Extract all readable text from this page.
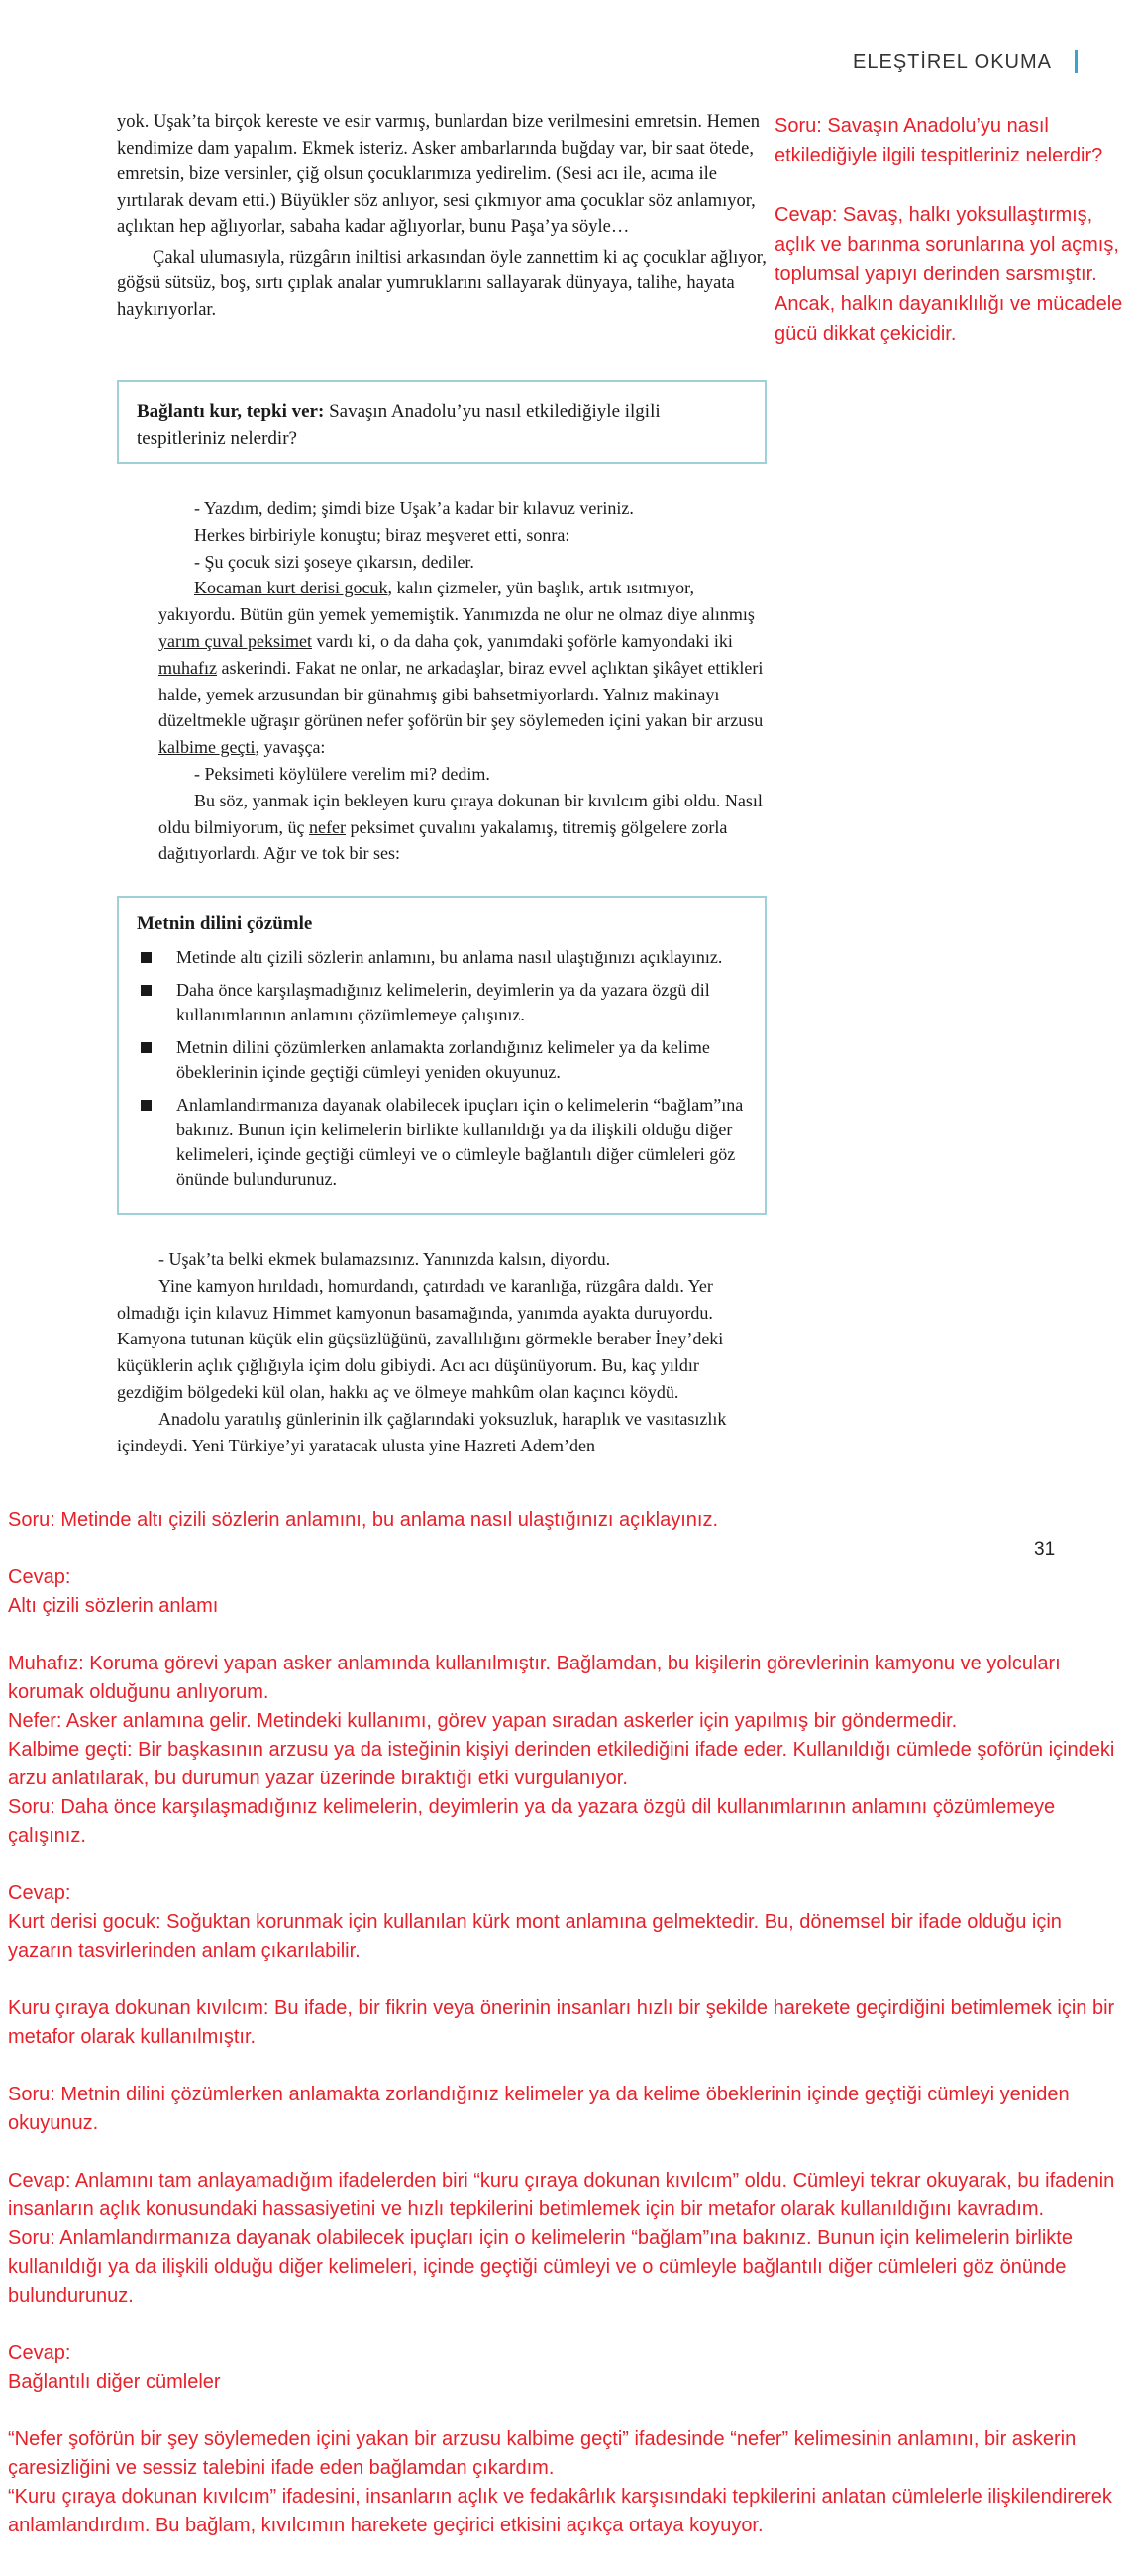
ELEŞTİREL OKUMA

yok. Uşak’ta birçok kereste ve esir varmış, bunlardan bize verilmesini emretsin. Hemen kendimize dam yapalım. Ekmek isteriz. Asker ambarlarında buğday var, bir saat ötede, emretsin, bize versinler, çiğ olsun çocuklarımıza yedirelim. (Sesi acı ile, acıma ile yırtılarak devam etti.) Büyükler söz anlıyor, sesi çıkmıyor ama çocuklar söz anlamıyor, açlıktan hep ağlıyorlar, sabaha kadar ağlıyorlar, bunu Paşa’ya söyle…

Çakal ulumasıyla, rüzgârın iniltisi arkasından öyle zannettim ki aç çocuklar ağlıyor, göğsü sütsüz, boş, sırtı çıplak analar yumruklarını sallayarak dünyaya, talihe, hayata haykırıyorlar.

Soru: Savaşın Anadolu’yu nasıl etkilediğiyle ilgili tespitleriniz nelerdir?

Cevap: Savaş, halkı yoksullaştırmış, açlık ve barınma sorunlarına yol açmış, toplumsal yapıyı derinden sarsmıştır. Ancak, halkın dayanıklılığı ve mücadele gücü dikkat çekicidir.

Bağlantı kur, tepki ver: Savaşın Anadolu’yu nasıl etkilediğiyle ilgili tespitleriniz nelerdir?

- Yazdım, dedim; şimdi bize Uşak’a kadar bir kılavuz veriniz.

Herkes birbiriyle konuştu; biraz meşveret etti, sonra:

- Şu çocuk sizi şoseye çıkarsın, dediler.

Kocaman kurt derisi gocuk, kalın çizmeler, yün başlık, artık ısıtmıyor, yakıyordu. Bütün gün yemek yememiştik. Yanımızda ne olur ne olmaz diye alınmış yarım çuval peksimet vardı ki, o da daha çok, yanımdaki şoförle kamyondaki iki muhafız askerindi. Fakat ne onlar, ne arkadaşlar, biraz evvel açlıktan şikâyet ettikleri halde, yemek arzusundan bir günahmış gibi bahsetmiyorlardı. Yalnız makinayı düzeltmekle uğraşır görünen nefer şoförün bir şey söylemeden içini yakan bir arzusu kalbime geçti, yavaşça:

- Peksimeti köylülere verelim mi? dedim.

Bu söz, yanmak için bekleyen kuru çıraya dokunan bir kıvılcım gibi oldu. Nasıl oldu bilmiyorum, üç nefer peksimet çuvalını yakalamış, titremiş gölgelere zorla dağıtıyorlardı. Ağır ve tok bir ses:

Metnin dilini çözümle
Metinde altı çizili sözlerin anlamını, bu anlama nasıl ulaştığınızı açıklayınız.
Daha önce karşılaşmadığınız kelimelerin, deyimlerin ya da yazara özgü dil kullanımlarının anlamını çözümlemeye çalışınız.
Metnin dilini çözümlerken anlamakta zorlandığınız kelimeler ya da kelime öbeklerinin içinde geçtiği cümleyi yeniden okuyunuz.
Anlamlandırmanıza dayanak olabilecek ipuçları için o kelimelerin “bağlam”ına bakınız. Bunun için kelimelerin birlikte kullanıldığı ya da ilişkili olduğu diğer kelimeleri, içinde geçtiği cümleyi ve o cümleyle bağlantılı diğer cümleleri göz önünde bulundurunuz.

- Uşak’ta belki ekmek bulamazsınız. Yanınızda kalsın, diyordu.

Yine kamyon hırıldadı, homurdandı, çatırdadı ve karanlığa, rüzgâra daldı. Yer olmadığı için kılavuz Himmet kamyonun basamağında, yanımda ayakta duruyordu. Kamyona tutunan küçük elin güçsüzlüğünü, zavallılığını görmekle beraber İney’deki küçüklerin açlık çığlığıyla içim dolu gibiydi. Acı acı düşünüyorum. Bu, kaç yıldır gezdiğim bölgedeki kül olan, hakkı aç ve ölmeye mahkûm olan kaçıncı köydü.

Anadolu yaratılış günlerinin ilk çağlarındaki yoksuzluk, haraplık ve vasıtasızlık içindeydi. Yeni Türkiye’yi yaratacak ulusta yine Hazreti Adem’den

31

Soru: Metinde altı çizili sözlerin anlamını, bu anlama nasıl ulaştığınızı açıklayınız.

Cevap:

Altı çizili sözlerin anlamı

Muhafız: Koruma görevi yapan asker anlamında kullanılmıştır. Bağlamdan, bu kişilerin görevlerinin kamyonu ve yolcuları korumak olduğunu anlıyorum.

Nefer: Asker anlamına gelir. Metindeki kullanımı, görev yapan sıradan askerler için yapılmış bir göndermedir.

Kalbime geçti: Bir başkasının arzusu ya da isteğinin kişiyi derinden etkilediğini ifade eder. Kullanıldığı cümlede şoförün içindeki arzu anlatılarak, bu durumun yazar üzerinde bıraktığı etki vurgulanıyor.

Soru: Daha önce karşılaşmadığınız kelimelerin, deyimlerin ya da yazara özgü dil kullanımlarının anlamını çözümlemeye çalışınız.

Cevap:

Kurt derisi gocuk: Soğuktan korunmak için kullanılan kürk mont anlamına gelmektedir. Bu, dönemsel bir ifade olduğu için yazarın tasvirlerinden anlam çıkarılabilir.

Kuru çıraya dokunan kıvılcım: Bu ifade, bir fikrin veya önerinin insanları hızlı bir şekilde harekete geçirdiğini betimlemek için bir metafor olarak kullanılmıştır.

Soru: Metnin dilini çözümlerken anlamakta zorlandığınız kelimeler ya da kelime öbeklerinin içinde geçtiği cümleyi yeniden okuyunuz.

Cevap: Anlamını tam anlayamadığım ifadelerden biri “kuru çıraya dokunan kıvılcım” oldu. Cümleyi tekrar okuyarak, bu ifadenin insanların açlık konusundaki hassasiyetini ve hızlı tepkilerini betimlemek için bir metafor olarak kullanıldığını kavradım.

Soru: Anlamlandırmanıza dayanak olabilecek ipuçları için o kelimelerin “bağlam”ına bakınız. Bunun için kelimelerin birlikte kullanıldığı ya da ilişkili olduğu diğer kelimeleri, içinde geçtiği cümleyi ve o cümleyle bağlantılı diğer cümleleri göz önünde bulundurunuz.

Cevap:

Bağlantılı diğer cümleler

“Nefer şoförün bir şey söylemeden içini yakan bir arzusu kalbime geçti” ifadesinde “nefer” kelimesinin anlamını, bir askerin çaresizliğini ve sessiz talebini ifade eden bağlamdan çıkardım.

“Kuru çıraya dokunan kıvılcım” ifadesini, insanların açlık ve fedakârlık karşısındaki tepkilerini anlatan cümlelerle ilişkilendirerek anlamlandırdım. Bu bağlam, kıvılcımın harekete geçirici etkisini açıkça ortaya koyuyor.
